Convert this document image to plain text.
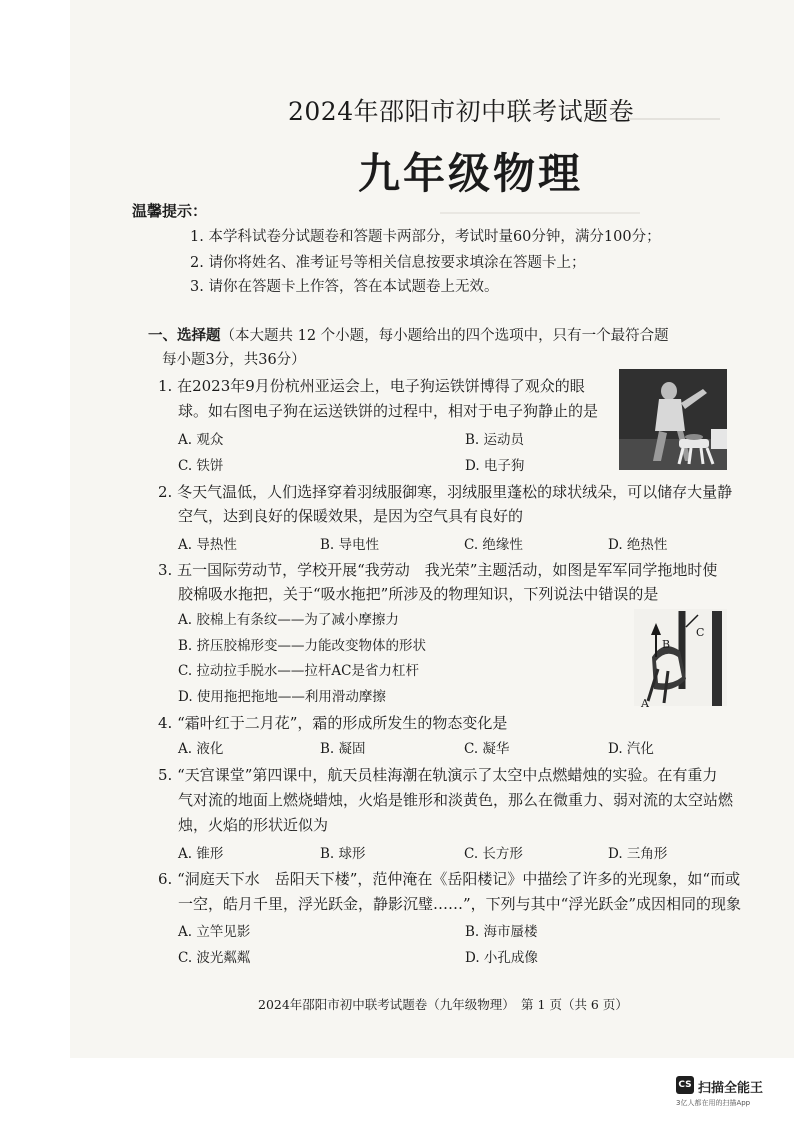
2024年邵阳市初中联考试题卷
九年级物理
温馨提示：
1. 本学科试卷分试题卷和答题卡两部分，考试时量60分钟，满分100分；
2. 请你将姓名、准考证号等相关信息按要求填涂在答题卡上；
3. 请你在答题卡上作答，答在本试题卷上无效。
一、选择题（本大题共 12 个小题，每小题给出的四个选项中，只有一个最符合题
每小题3分，共36分）
1. 在2023年9月份杭州亚运会上，电子狗运铁饼博得了观众的眼
球。如右图电子狗在运送铁饼的过程中，相对于电子狗静止的是
A. 观众	B. 运动员
C. 铁饼	D. 电子狗
2. 冬天气温低，人们选择穿着羽绒服御寒，羽绒服里蓬松的球状绒朵，可以储存大量静
空气，达到良好的保暖效果，是因为空气具有良好的
A. 导热性	B. 导电性	C. 绝缘性	D. 绝热性
3. 五一国际劳动节，学校开展“我劳动　我光荣”主题活动，如图是军军同学拖地时使
胶棉吸水拖把，关于“吸水拖把”所涉及的物理知识，下列说法中错误的是
A. 胶棉上有条纹——为了减小摩擦力
B. 挤压胶棉形变——力能改变物体的形状
C. 拉动拉手脱水——拉杆AC是省力杠杆
D. 使用拖把拖地——利用滑动摩擦
B
C
A
4. “霜叶红于二月花”，霜的形成所发生的物态变化是
A. 液化	B. 凝固	C. 凝华	D. 汽化
5. “天宫课堂”第四课中，航天员桂海潮在轨演示了太空中点燃蜡烛的实验。在有重力
气对流的地面上燃烧蜡烛，火焰是锥形和淡黄色，那么在微重力、弱对流的太空站燃
烛，火焰的形状近似为
A. 锥形	B. 球形	C. 长方形	D. 三角形
6. “洞庭天下水　岳阳天下楼”，范仲淹在《岳阳楼记》中描绘了许多的光现象，如“而或
一空，皓月千里，浮光跃金，静影沉璧……”，下列与其中“浮光跃金”成因相同的现象
A. 立竿见影	B. 海市蜃楼
C. 波光粼粼	D. 小孔成像
2024年邵阳市初中联考试题卷（九年级物理）　第 1 页（共 6 页）
CS 扫描全能王
3亿人都在用的扫描App
